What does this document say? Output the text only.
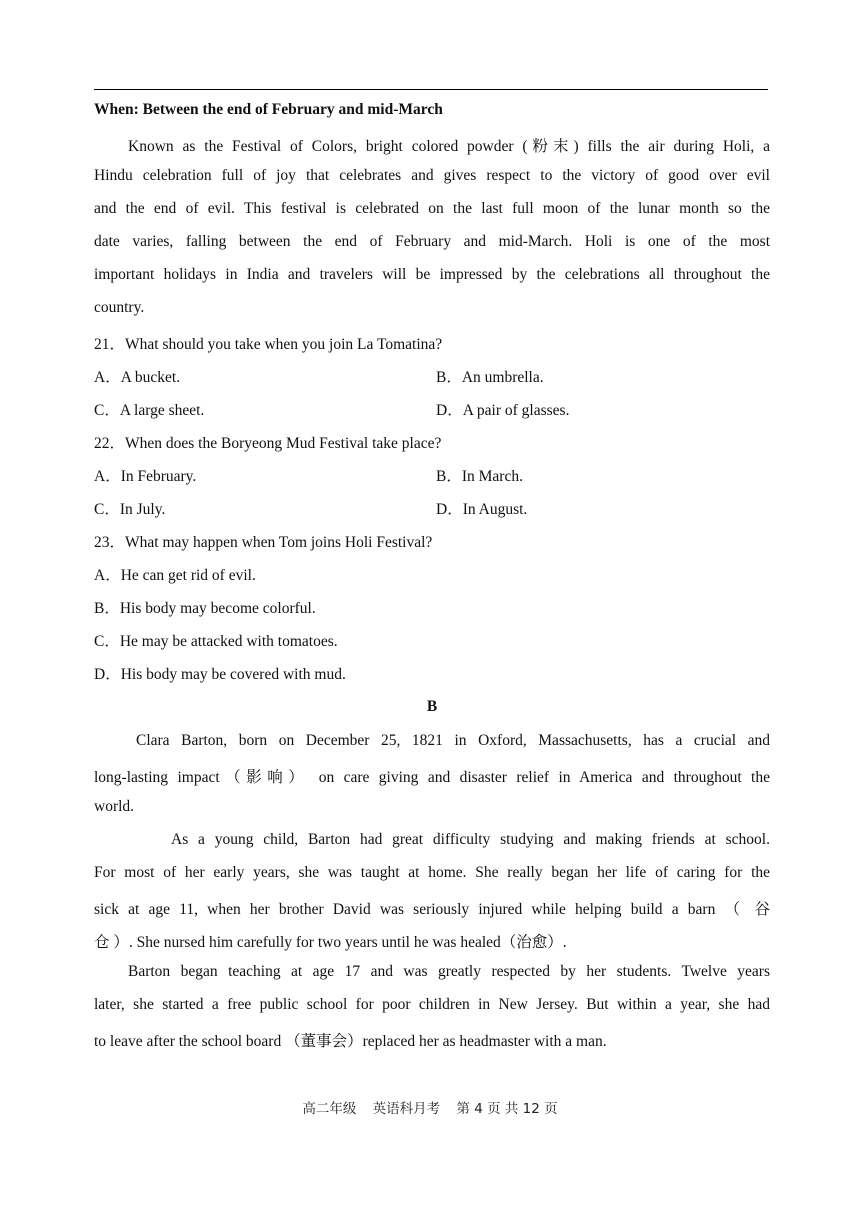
When: Between the end of February and mid-March
Known as the Festival of Colors, bright colored powder (粉末) fills the air during Holi, a
Hindu celebration full of joy that celebrates and gives respect to the victory of good over evil
and the end of evil. This festival is celebrated on the last full moon of the lunar month so the
date varies, falling between the end of February and mid-March. Holi is one of the most
important holidays in India and travelers will be impressed by the celebrations all throughout the
country.
21．What should you take when you join La Tomatina?
A．A bucket.	B．An umbrella.
C．A large sheet.	D．A pair of glasses.
22．When does the Boryeong Mud Festival take place?
A．In February.	B．In March.
C．In July.	D．In August.
23．What may happen when Tom joins Holi Festival?
A．He can get rid of evil.
B．His body may become colorful.
C．He may be attacked with tomatoes.
D．His body may be covered with mud.
B
Clara Barton, born on December 25, 1821 in Oxford, Massachusetts, has a crucial and
long-lasting impact（影响） on care giving and disaster relief in America and throughout the
world.
As a young child, Barton had great difficulty studying and making friends at school.
For most of her early years, she was taught at home. She really began her life of caring for the
sick at age 11, when her brother David was seriously injured while helping build a barn （ 谷
仓 ）. She nursed him carefully for two years until he was healed（治愈）.
Barton began teaching at age 17 and was greatly respected by her students. Twelve years
later, she started a free public school for poor children in New Jersey. But within a year, she had
to leave after the school board （董事会）replaced her as headmaster with a man.
高二年级 英语科月考 第 4 页 共 12 页
